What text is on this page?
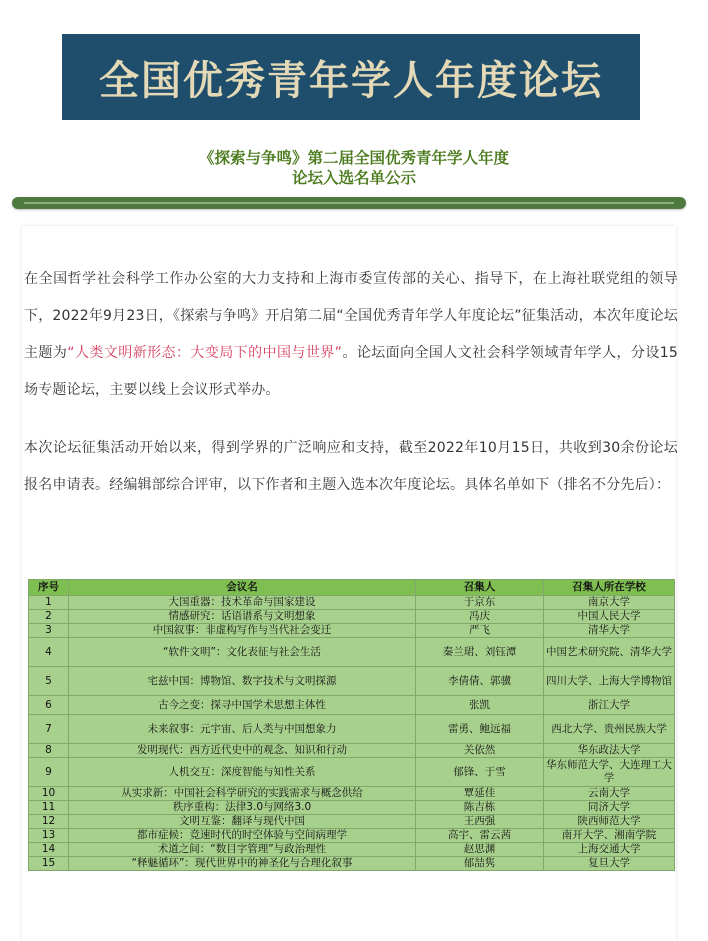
全国优秀青年学人年度论坛
《探索与争鸣》第二届全国优秀青年学人年度
论坛入选名单公示
在全国哲学社会科学工作办公室的大力支持和上海市委宣传部的关心、指导下，在上海社联党组的领导下，2022年9月23日，《探索与争鸣》开启第二届“全国优秀青年学人年度论坛”征集活动，本次年度论坛主题为“人类文明新形态：大变局下的中国与世界”。论坛面向全国人文社会科学领域青年学人，分设15场专题论坛，主要以线上会议形式举办。
本次论坛征集活动开始以来，得到学界的广泛响应和支持，截至2022年10月15日，共收到30余份论坛报名申请表。经编辑部综合评审，以下作者和主题入选本次年度论坛。具体名单如下（排名不分先后）：
序号	会议名	召集人	召集人所在学校
1	大国重器：技术革命与国家建设	于京东	南京大学
2	情感研究：话语谱系与文明想象	冯庆	中国人民大学
3	中国叙事：非虚构写作与当代社会变迁	严飞	清华大学
4	“软件文明”：文化表征与社会生活	秦兰珺、刘钰潭	中国艺术研究院、清华大学
5	宅兹中国：博物馆、数字技术与文明探源	李倩倩、郭骥	四川大学、上海大学博物馆
6	古今之变：探寻中国学术思想主体性	张凯	浙江大学
7	未来叙事：元宇宙、后人类与中国想象力	雷勇、鲍远福	西北大学、贵州民族大学
8	发明现代：西方近代史中的观念、知识和行动	关依然	华东政法大学
9	人机交互：深度智能与知性关系	郁锋、于雪	华东师范大学、大连理工大学
10	从实求新：中国社会科学研究的实践需求与概念供给	覃延佳	云南大学
11	秩序重构：法律3.0与网络3.0	陈吉栋	同济大学
12	文明互鉴：翻译与现代中国	王西强	陕西师范大学
13	都市症候：竞速时代的时空体验与空间病理学	高宇、雷云茜	南开大学、湘南学院
14	术道之间：“数目字管理”与政治理性	赵思渊	上海交通大学
15	“释魅循环”：现代世界中的神圣化与合理化叙事	郁喆隽	复旦大学
